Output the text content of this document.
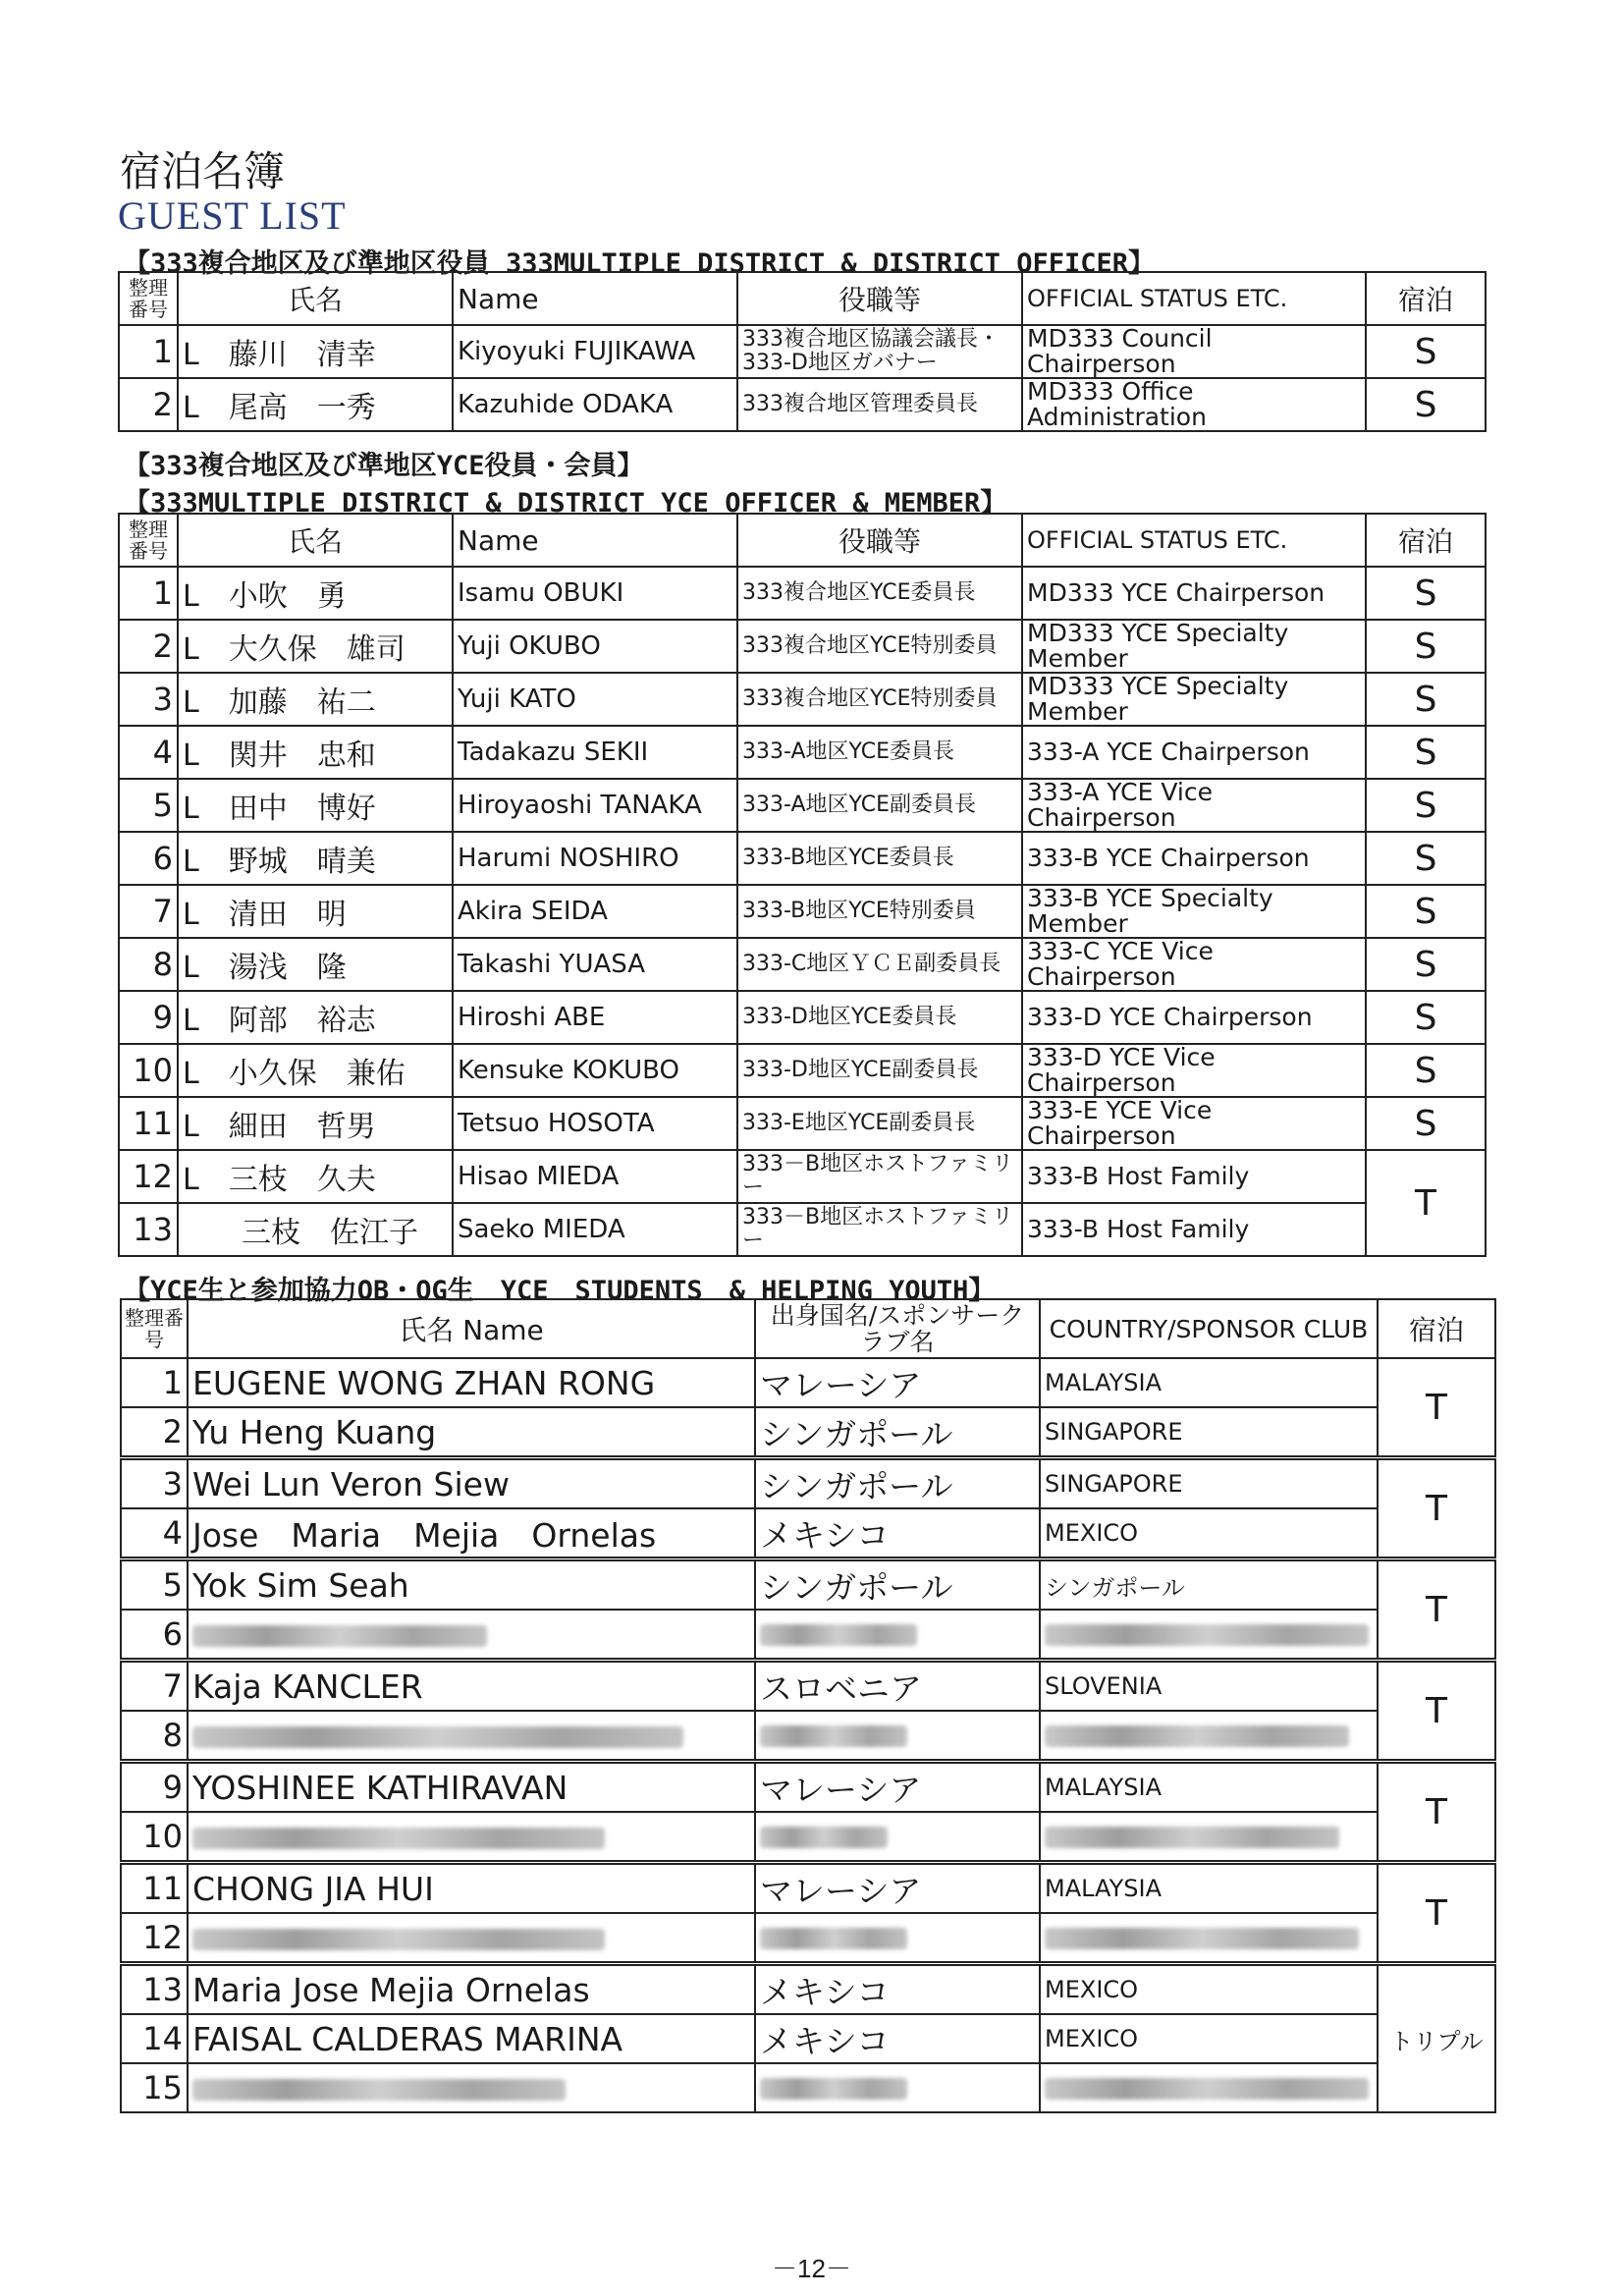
宿泊名簿
GUEST LIST
【333複合地区及び準地区役員 333MULTIPLE DISTRICT & DISTRICT OFFICER】
整理番号	氏名	Name	役職等	OFFICIAL STATUS ETC.	宿泊
1	L　藤川　清幸	Kiyoyuki FUJIKAWA	333複合地区協議会議長・333-D地区ガバナー	MD333 Council Chairperson	S
2	L　尾高　一秀	Kazuhide ODAKA	333複合地区管理委員長	MD333 Office Administration	S
【333複合地区及び準地区YCE役員・会員】
【333MULTIPLE DISTRICT & DISTRICT YCE OFFICER & MEMBER】
整理番号	氏名	Name	役職等	OFFICIAL STATUS ETC.	宿泊
1	L　小吹　勇	Isamu OBUKI	333複合地区YCE委員長	MD333 YCE Chairperson	S
2	L　大久保　雄司	Yuji OKUBO	333複合地区YCE特別委員	MD333 YCE Specialty Member	S
3	L　加藤　祐二	Yuji KATO	333複合地区YCE特別委員	MD333 YCE Specialty Member	S
4	L　関井　忠和	Tadakazu SEKII	333-A地区YCE委員長	333-A YCE Chairperson	S
5	L　田中　博好	Hiroyaoshi TANAKA	333-A地区YCE副委員長	333-A YCE Vice Chairperson	S
6	L　野城　晴美	Harumi NOSHIRO	333-B地区YCE委員長	333-B YCE Chairperson	S
7	L　清田　明	Akira SEIDA	333-B地区YCE特別委員	333-B YCE Specialty Member	S
8	L　湯浅　隆	Takashi YUASA	333-C地区ＹＣＥ副委員長	333-C YCE Vice Chairperson	S
9	L　阿部　裕志	Hiroshi ABE	333-D地区YCE委員長	333-D YCE Chairperson	S
10	L　小久保　兼佑	Kensuke KOKUBO	333-D地区YCE副委員長	333-D YCE Vice Chairperson	S
11	L　細田　哲男	Tetsuo HOSOTA	333-E地区YCE副委員長	333-E YCE Vice Chairperson	S
12	L　三枝　久夫	Hisao MIEDA	333－B地区ホストファミリー	333-B Host Family	T
13	　　三枝　佐江子	Saeko MIEDA	333－B地区ホストファミリー	333-B Host Family	
【YCE生と参加協力OB・OG生　YCE　STUDENTS　& HELPING YOUTH】
整理番号	氏名 Name	出身国名/スポンサークラブ名	COUNTRY/SPONSOR CLUB	宿泊
1	EUGENE WONG ZHAN RONG	マレーシア	MALAYSIA	T
2	Yu Heng Kuang	シンガポール	SINGAPORE	
3	Wei Lun Veron Siew	シンガポール	SINGAPORE	T
4	Jose　Maria　Mejia　Ornelas	メキシコ	MEXICO	
5	Yok Sim Seah	シンガポール	シンガポール	T
6				
7	Kaja KANCLER	スロベニア	SLOVENIA	T
8				
9	YOSHINEE KATHIRAVAN	マレーシア	MALAYSIA	T
10				
11	CHONG JIA HUI	マレーシア	MALAYSIA	T
12				
13	Maria Jose Mejia Ornelas	メキシコ	MEXICO	トリプル
14	FAISAL CALDERAS MARINA	メキシコ	MEXICO	
15				
－12－
